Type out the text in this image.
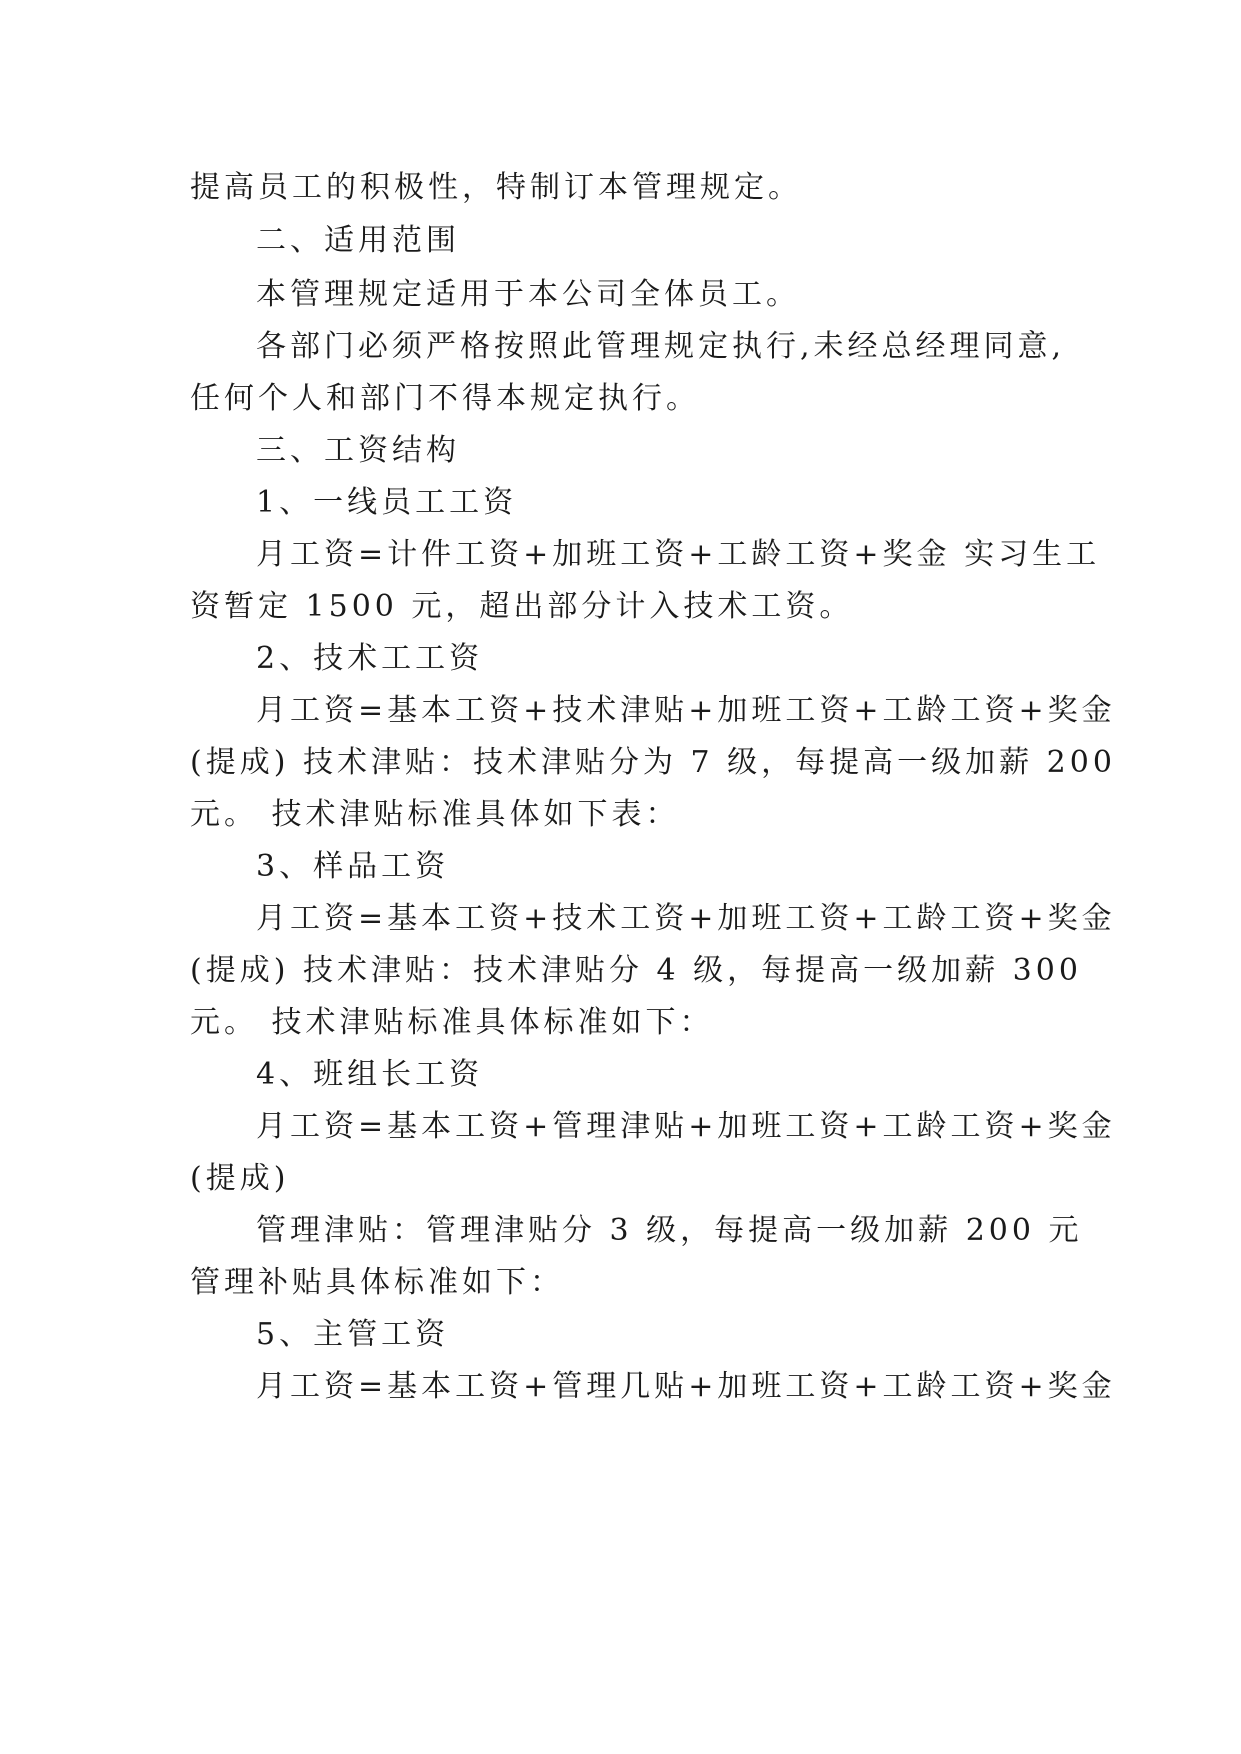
提高员工的积极性，特制订本管理规定。
二、适用范围
本管理规定适用于本公司全体员工。
各部门必须严格按照此管理规定执行,未经总经理同意,
任何个人和部门不得本规定执行。
三、工资结构
1、一线员工工资
月工资=计件工资+加班工资+工龄工资+奖金 实习生工
资暂定 1500 元，超出部分计入技术工资。
2、技术工工资
月工资=基本工资+技术津贴+加班工资+工龄工资+奖金
(提成) 技术津贴：技术津贴分为 7 级，每提高一级加薪 200
元。 技术津贴标准具体如下表：
3、样品工资
月工资=基本工资+技术工资+加班工资+工龄工资+奖金
(提成) 技术津贴：技术津贴分 4 级，每提高一级加薪 300
元。 技术津贴标准具体标准如下：
4、班组长工资
月工资=基本工资+管理津贴+加班工资+工龄工资+奖金
(提成)
管理津贴：管理津贴分 3 级，每提高一级加薪 200 元
管理补贴具体标准如下：
5、主管工资
月工资=基本工资+管理几贴+加班工资+工龄工资+奖金
